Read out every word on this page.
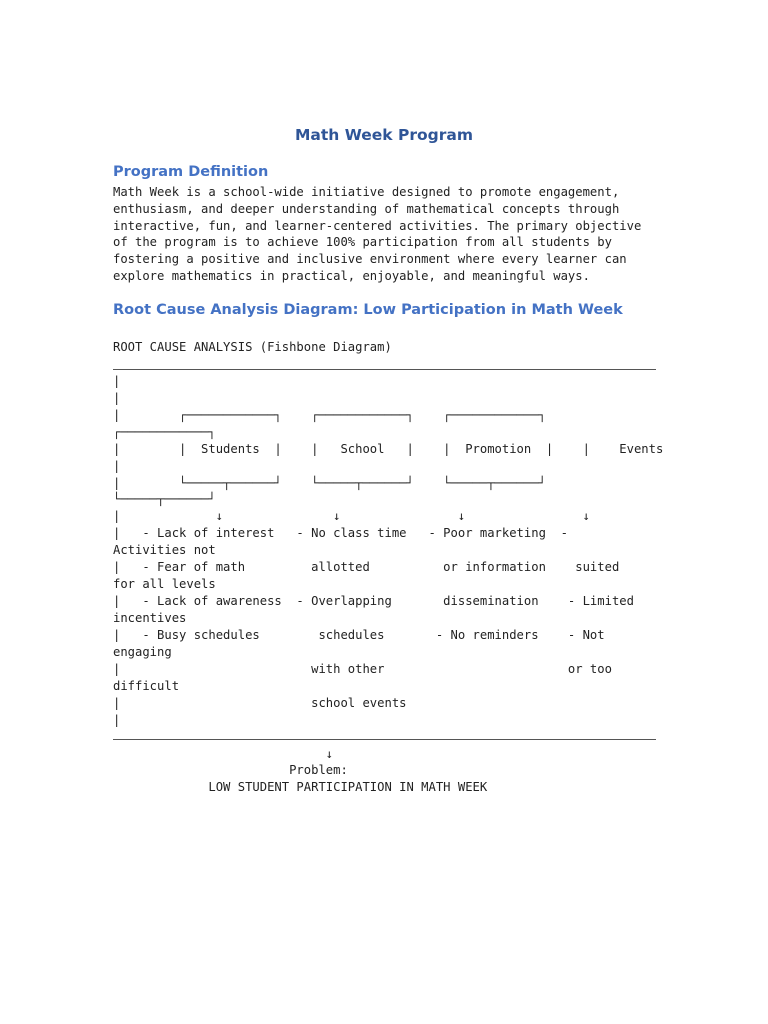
Math Week Program
Program Definition
Math Week is a school-wide initiative designed to promote engagement,
enthusiasm, and deeper understanding of mathematical concepts through
interactive, fun, and learner-centered activities. The primary objective
of the program is to achieve 100% participation from all students by
fostering a positive and inclusive environment where every learner can
explore mathematics in practical, enjoyable, and meaningful ways.
Root Cause Analysis Diagram: Low Participation in Math Week
ROOT CAUSE ANALYSIS (Fishbone Diagram)
|
|
|        ┌────────────┐    ┌────────────┐    ┌────────────┐
┌────────────┐
|        |  Students  |    |   School   |    |  Promotion  |    |    Events
|
|        └─────┬──────┘    └─────┬──────┘    └─────┬──────┘
└─────┬──────┘
|             ↓               ↓                ↓                ↓
|   - Lack of interest   - No class time   - Poor marketing  -
Activities not
|   - Fear of math         allotted          or information    suited
for all levels
|   - Lack of awareness  - Overlapping       dissemination    - Limited
incentives
|   - Busy schedules        schedules       - No reminders    - Not
engaging
|                          with other                         or too
difficult
|                          school events
|
↓
Problem:
LOW STUDENT PARTICIPATION IN MATH WEEK
